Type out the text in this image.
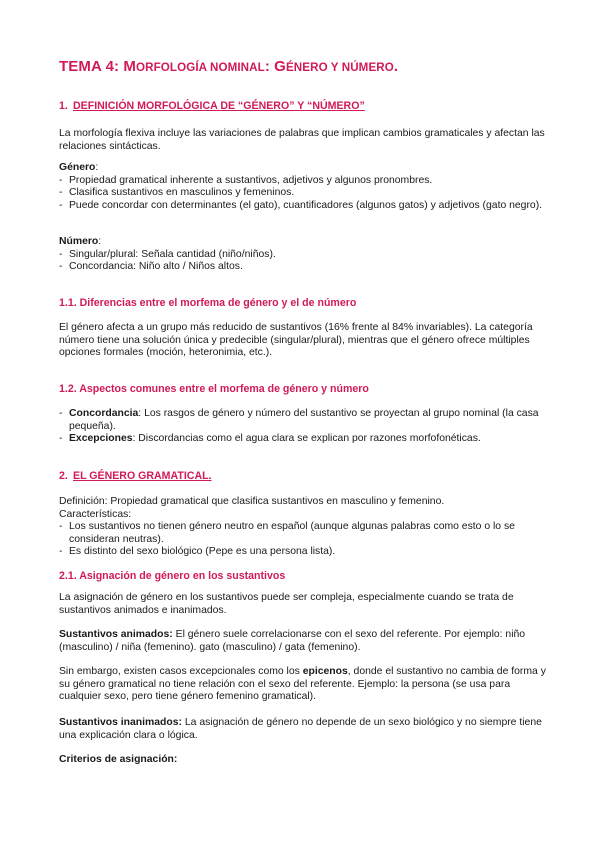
TEMA 4: MORFOLOGÍA NOMINAL: GÉNERO Y NÚMERO.
1. DEFINICIÓN MORFOLÓGICA DE “GÉNERO” Y “NÚMERO”

La morfología flexiva incluye las variaciones de palabras que implican cambios gramaticales y afectan las relaciones sintácticas.

Género:

- Propiedad gramatical inherente a sustantivos, adjetivos y algunos pronombres.
- Clasifica sustantivos en masculinos y femeninos.
- Puede concordar con determinantes (el gato), cuantificadores (algunos gatos) y adjetivos (gato negro).

Número:

- Singular/plural: Señala cantidad (niño/niños).
- Concordancia: Niño alto / Niños altos.
1.1. Diferencias entre el morfema de género y el de número

El género afecta a un grupo más reducido de sustantivos (16% frente al 84% invariables). La categoría número tiene una solución única y predecible (singular/plural), mientras que el género ofrece múltiples opciones formales (moción, heteronimia, etc.).

1.2. Aspectos comunes entre el morfema de género y número
- Concordancia: Los rasgos de género y número del sustantivo se proyectan al grupo nominal (la casa pequeña).
- Excepciones: Discordancias como el agua clara se explican por razones morfofonéticas.
2. EL GÉNERO GRAMATICAL.

Definición: Propiedad gramatical que clasifica sustantivos en masculino y femenino.

Características:

- Los sustantivos no tienen género neutro en español (aunque algunas palabras como esto o lo se consideran neutras).
- Es distinto del sexo biológico (Pepe es una persona lista).
2.1. Asignación de género en los sustantivos

La asignación de género en los sustantivos puede ser compleja, especialmente cuando se trata de sustantivos animados e inanimados.

Sustantivos animados: El género suele correlacionarse con el sexo del referente. Por ejemplo: niño (masculino) / niña (femenino). gato (masculino) / gata (femenino).

Sin embargo, existen casos excepcionales como los epicenos, donde el sustantivo no cambia de forma y su género gramatical no tiene relación con el sexo del referente. Ejemplo: la persona (se usa para cualquier sexo, pero tiene género femenino gramatical).

Sustantivos inanimados: La asignación de género no depende de un sexo biológico y no siempre tiene una explicación clara o lógica.

Criterios de asignación:
